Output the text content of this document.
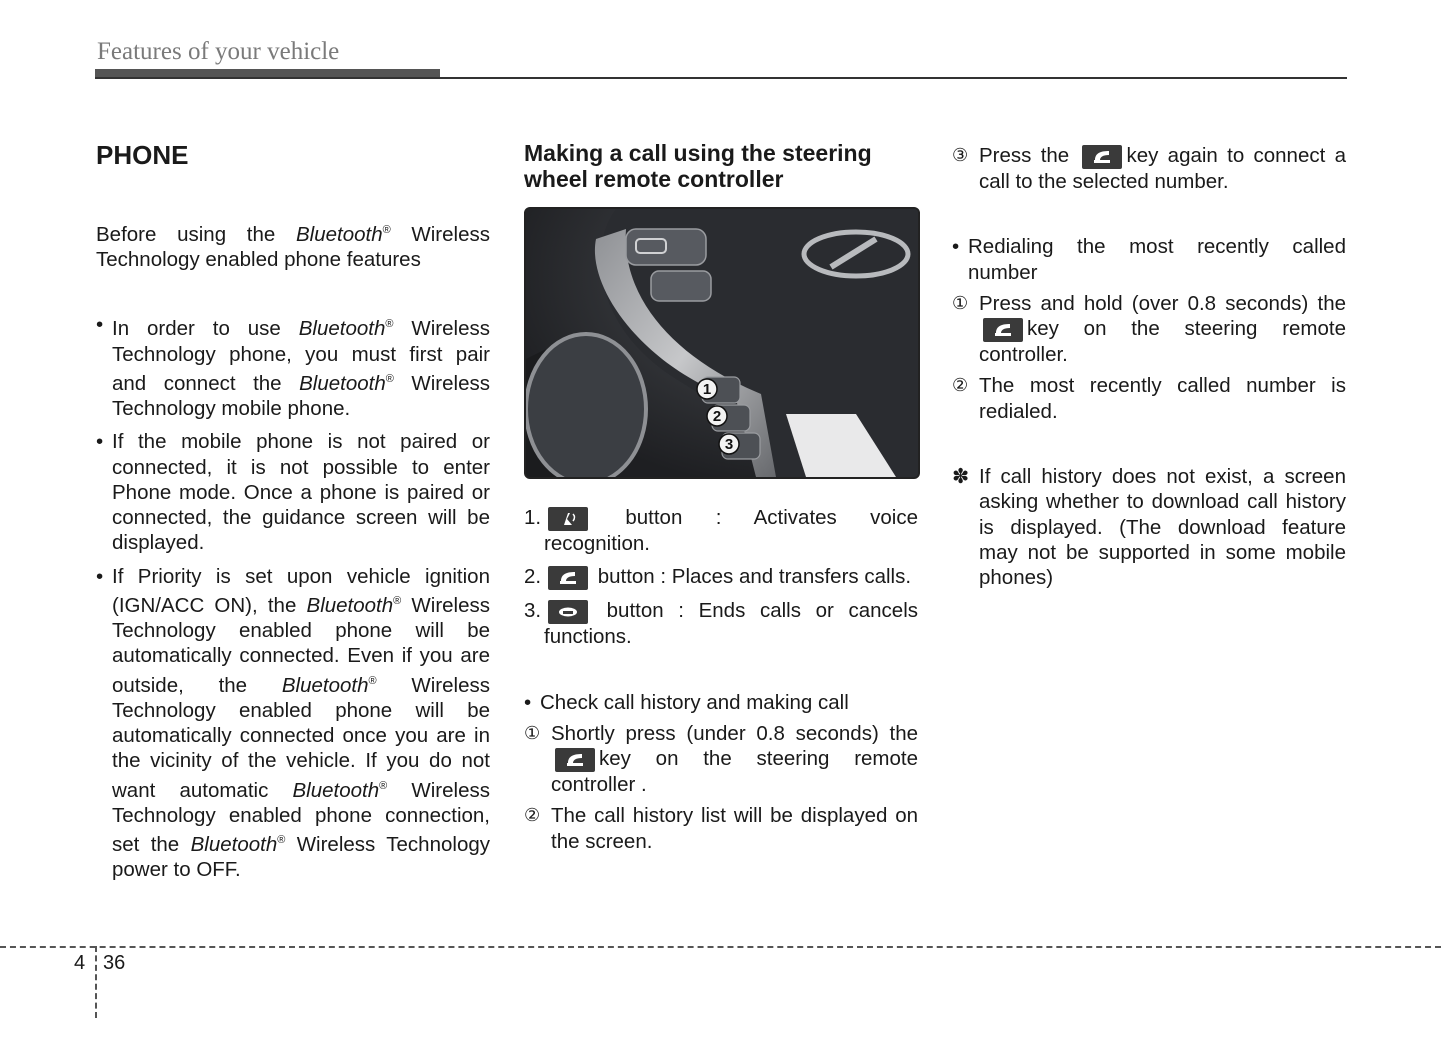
Features of your vehicle
PHONE

Before using the Bluetooth® Wireless Technology enabled phone features

• In order to use Bluetooth® Wireless Technology phone, you must first pair and connect the Bluetooth® Wireless Technology mobile phone.
• If the mobile phone is not paired or connected, it is not possible to enter Phone mode. Once a phone is paired or connected, the guidance screen will be displayed.
• If Priority is set upon vehicle ignition (IGN/ACC ON), the Bluetooth® Wireless Technology enabled phone will be automatically connected. Even if you are outside, the Bluetooth® Wireless Technology enabled phone will be automatically connected once you are in the vicinity of the vehicle. If you do not want automatic Bluetooth® Wireless Technology enabled phone connection, set the Bluetooth® Wireless Technology power to OFF.
Making a call using the steering wheel remote controller
1
2
3
1.	button : Activates voice recognition.
2.	button : Places and transfers calls.
3.	button : Ends calls or cancels functions.
• Check call history and making call
① Shortly press (under 0.8 seconds) the
key on the steering remote controller .
② The call history list will be displayed on the screen.
③ Press the
key again to connect a call to the selected number.
• Redialing the most recently called number
① Press and hold (over 0.8 seconds) the
key on the steering remote controller.
② The most recently called number is redialed.
✽ If call history does not exist, a screen asking whether to download call history is displayed. (The download feature may not be supported in some mobile phones)
4 36
